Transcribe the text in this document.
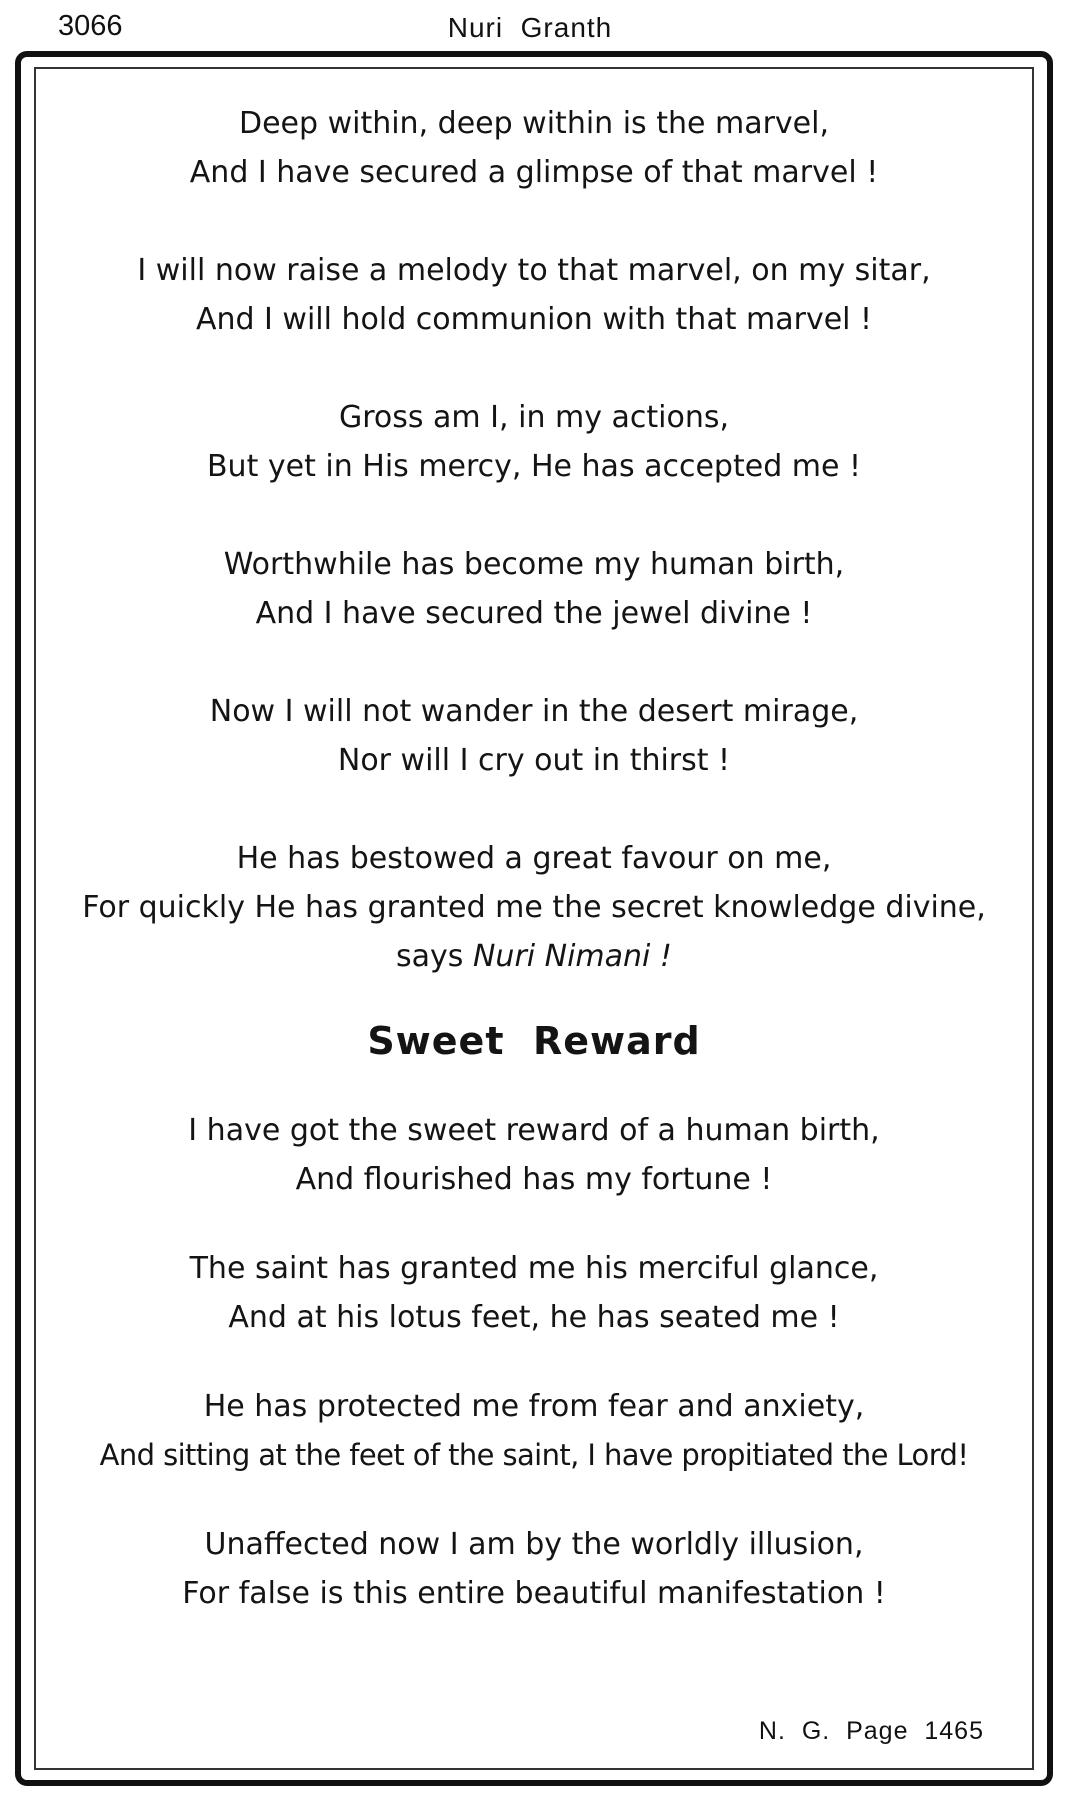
3066	Nuri  Granth
Deep within, deep within is the marvel,
And I have secured a glimpse of that marvel !
I will now raise a melody to that marvel, on my sitar,
And I will hold communion with that marvel !
Gross am I, in my actions,
But yet in His mercy, He has accepted me !
Worthwhile has become my human birth,
And I have secured the jewel divine !
Now I will not wander in the desert mirage,
Nor will I cry out in thirst !
He has bestowed a great favour on me,
For quickly He has granted me the secret knowledge divine,
says Nuri Nimani !
Sweet  Reward
I have got the sweet reward of a human birth,
And flourished has my fortune !
The saint has granted me his merciful glance,
And at his lotus feet, he has seated me !
He has protected me from fear and anxiety,
And sitting at the feet of the saint, I have propitiated the Lord!
Unaffected now I am by the worldly illusion,
For false is this entire beautiful manifestation !
N.  G.  Page  1465
